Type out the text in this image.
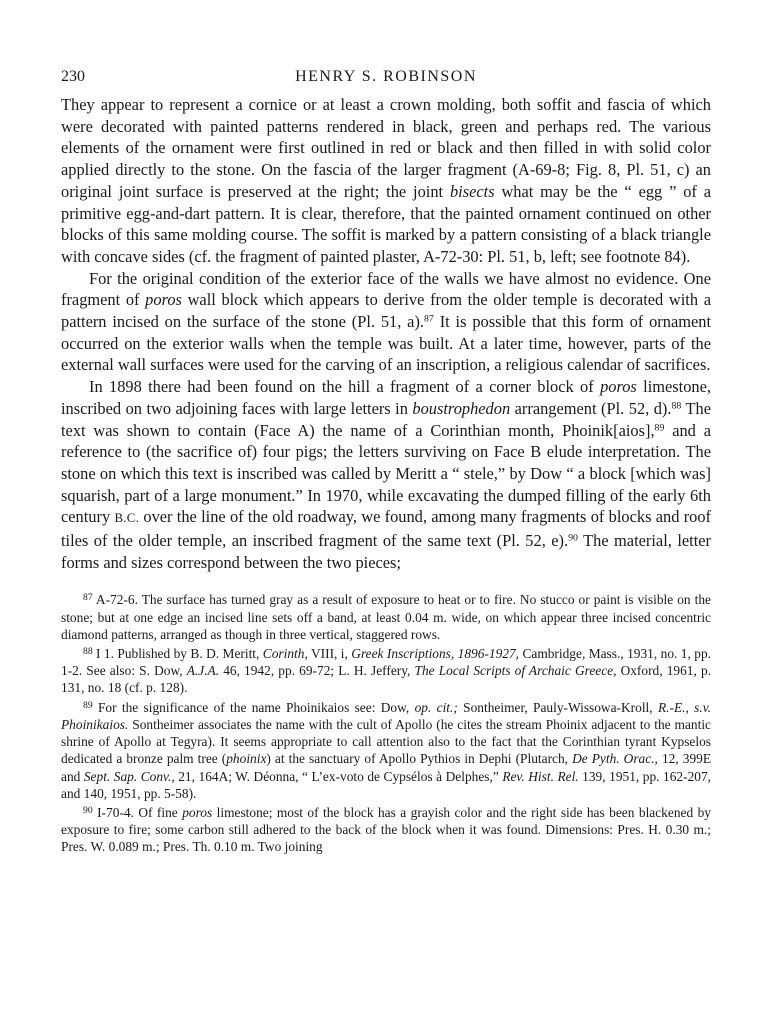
230	HENRY S. ROBINSON

They appear to represent a cornice or at least a crown molding, both soffit and fascia of which were decorated with painted patterns rendered in black, green and perhaps red. The various elements of the ornament were first outlined in red or black and then filled in with solid color applied directly to the stone. On the fascia of the larger fragment (A-69-8; Fig. 8, Pl. 51, c) an original joint surface is preserved at the right; the joint bisects what may be the “ egg ” of a primitive egg-and-dart pattern. It is clear, therefore, that the painted ornament continued on other blocks of this same molding course. The soffit is marked by a pattern consisting of a black triangle with concave sides (cf. the fragment of painted plaster, A-72-30: Pl. 51, b, left; see footnote 84).

For the original condition of the exterior face of the walls we have almost no evidence. One fragment of poros wall block which appears to derive from the older temple is decorated with a pattern incised on the surface of the stone (Pl. 51, a).$^{87}$ It is possible that this form of ornament occurred on the exterior walls when the temple was built. At a later time, however, parts of the external wall surfaces were used for the carving of an inscription, a religious calendar of sacrifices.

In 1898 there had been found on the hill a fragment of a corner block of poros limestone, inscribed on two adjoining faces with large letters in boustrophedon arrangement (Pl. 52, d).$^{88}$ The text was shown to contain (Face A) the name of a Corinthian month, Phoinik[aios],$^{89}$ and a reference to (the sacrifice of) four pigs; the letters surviving on Face B elude interpretation. The stone on which this text is inscribed was called by Meritt a “ stele,” by Dow “ a block [which was] squarish, part of a large monument.” In 1970, while excavating the dumped filling of the early 6th century B.C. over the line of the old roadway, we found, among many fragments of blocks and roof tiles of the older temple, an inscribed fragment of the same text (Pl. 52, e).$^{90}$ The material, letter forms and sizes correspond between the two pieces;

$^{87}$ A-72-6. The surface has turned gray as a result of exposure to heat or to fire. No stucco or paint is visible on the stone; but at one edge an incised line sets off a band, at least 0.04 m. wide, on which appear three incised concentric diamond patterns, arranged as though in three vertical, staggered rows.

$^{88}$ I 1. Published by B. D. Meritt, Corinth, VIII, i, Greek Inscriptions, 1896-1927, Cambridge, Mass., 1931, no. 1, pp. 1-2. See also: S. Dow, A.J.A. 46, 1942, pp. 69-72; L. H. Jeffery, The Local Scripts of Archaic Greece, Oxford, 1961, p. 131, no. 18 (cf. p. 128).

$^{89}$ For the significance of the name Phoinikaios see: Dow, op. cit.; Sontheimer, Pauly-Wissowa-Kroll, R.-E., s.v. Phoinikaios. Sontheimer associates the name with the cult of Apollo (he cites the stream Phoinix adjacent to the mantic shrine of Apollo at Tegyra). It seems appropriate to call attention also to the fact that the Corinthian tyrant Kypselos dedicated a bronze palm tree (phoinix) at the sanctuary of Apollo Pythios in Dephi (Plutarch, De Pyth. Orac., 12, 399E and Sept. Sap. Conv., 21, 164A; W. Déonna, “ L’ex-voto de Cypsélos à Delphes,” Rev. Hist. Rel. 139, 1951, pp. 162-207, and 140, 1951, pp. 5-58).

$^{90}$ I-70-4. Of fine poros limestone; most of the block has a grayish color and the right side has been blackened by exposure to fire; some carbon still adhered to the back of the block when it was found. Dimensions: Pres. H. 0.30 m.; Pres. W. 0.089 m.; Pres. Th. 0.10 m. Two joining
